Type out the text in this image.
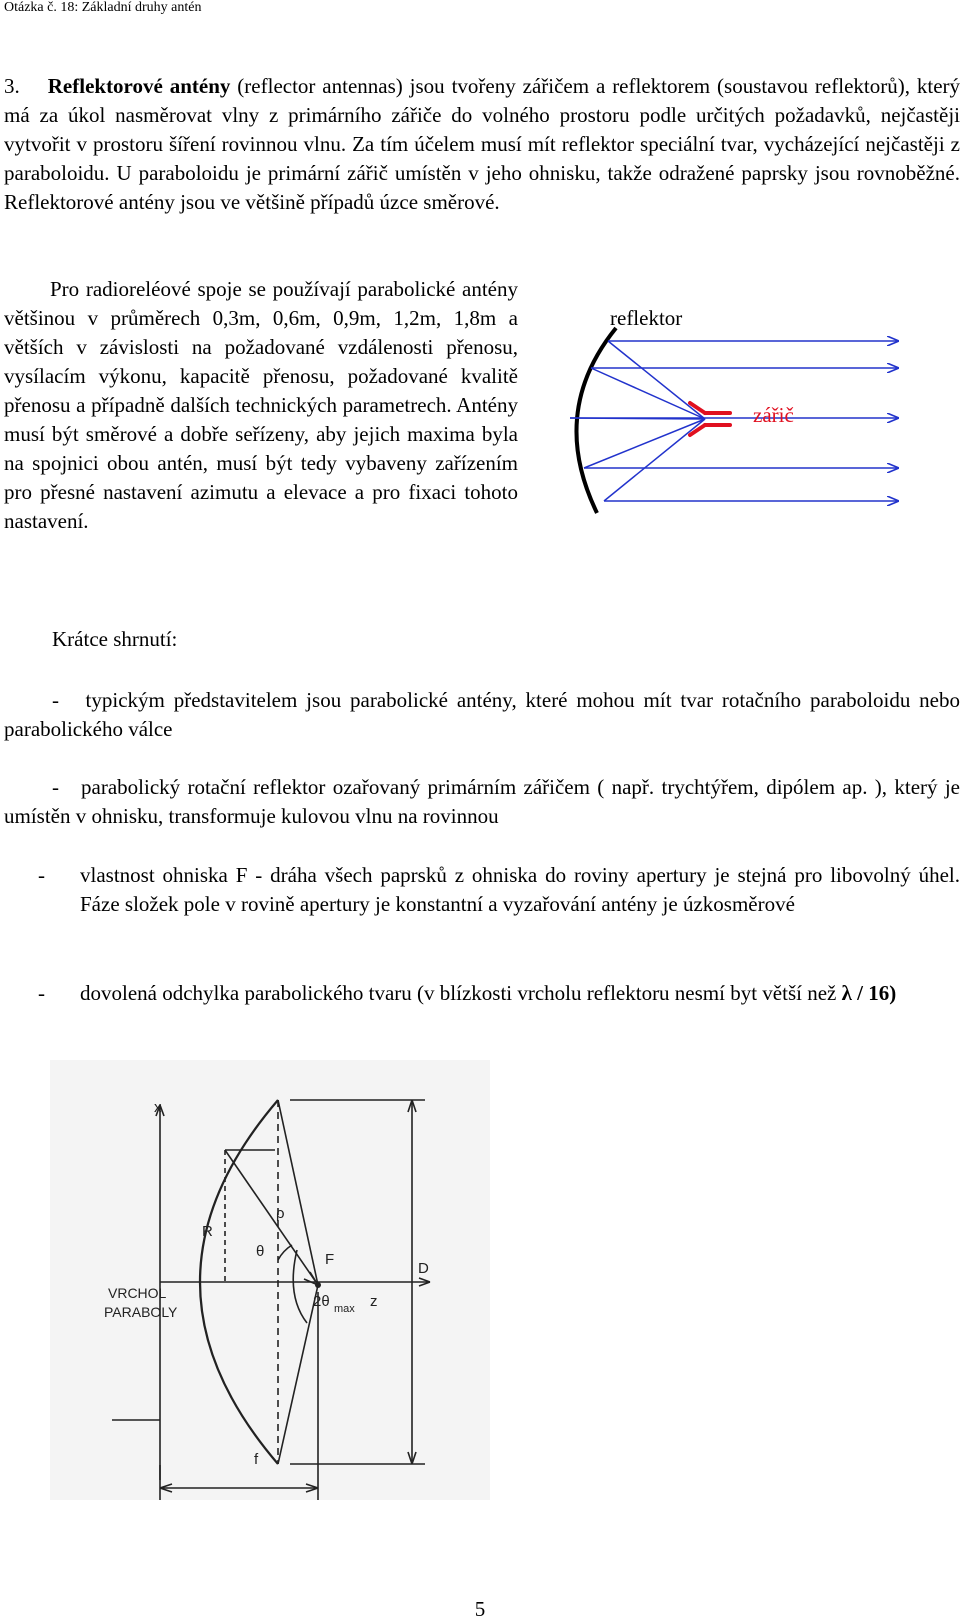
Otázka č. 18: Základní druhy antén
3. Reflektorové antény (reflector antennas) jsou tvořeny zářičem a reflektorem (soustavou reflektorů), který má za úkol nasměrovat vlny z primárního zářiče do volného prostoru podle určitých požadavků, nejčastěji vytvořit v prostoru šíření rovinnou vlnu. Za tím účelem musí mít reflektor speciální tvar, vycházející nejčastěji z paraboloidu. U paraboloidu je primární zářič umístěn v jeho ohnisku, takže odražené paprsky jsou rovnoběžné. Reflektorové antény jsou ve většině případů úzce směrové.
Pro radioreléové spoje se používají parabolické antény většinou v průměrech 0,3m, 0,6m, 0,9m, 1,2m, 1,8m a větších v závislosti na požadované vzdálenosti přenosu, vysílacím výkonu, kapacitě přenosu, požadované kvalitě přenosu a případně dalších technických parametrech. Antény musí být směrové a dobře seřízeny, aby jejich maxima byla na spojnici obou antén, musí být tedy vybaveny zařízením pro přesné nastavení azimutu a elevace a pro fixaci tohoto nastavení.
reflektor
zářič
Krátce shrnutí:
- typickým představitelem jsou parabolické antény, které mohou mít tvar rotačního paraboloidu nebo parabolického válce
- parabolický rotační reflektor ozařovaný primárním zářičem ( např. trychtýřem, dipólem ap. ), který je umístěn v ohnisku, transformuje kulovou vlnu na rovinnou
- vlastnost ohniska F - dráha všech paprsků z ohniska do roviny apertury je stejná pro libovolný úhel. Fáze složek pole v rovině apertury je konstantní a vyzařování antény je úzkosměrové
- dovolená odchylka parabolického tvaru (v blízkosti vrcholu reflektoru nesmí byt větší než λ / 16)
x
z
R
ρ
θ	F
D
f
2θ max
VRCHOL
PARABOLY
5
